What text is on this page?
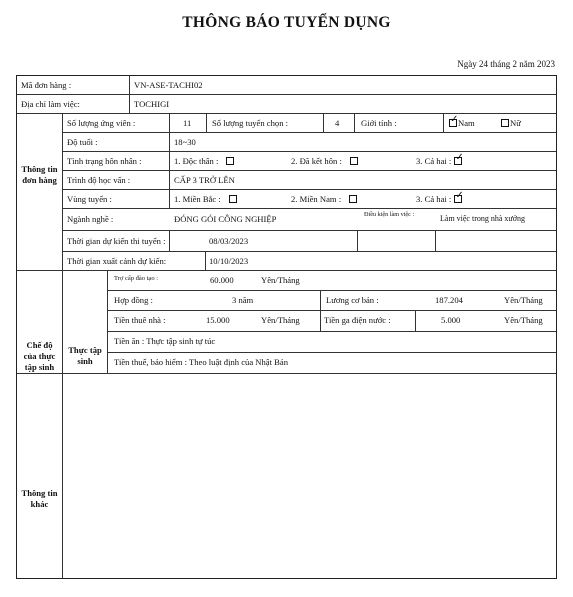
THÔNG BÁO TUYỂN DỤNG
Ngày 24 tháng 2 năm 2023
Mã đơn hàng :	VN-ASE-TACHI02
Địa chỉ làm việc:	TOCHIGI
Thông tin đơn hàng
Số lượng ứng viên :	11 Số lượng tuyển chọn :	4	Giới tính :
✓	Nam	Nữ
Độ tuổi :	18~30
Tình trạng hôn nhân :	1. Độc thân :	2. Đã kết hôn :	3. Cả hai :✓
Trình độ học vấn :	CẤP 3 TRỞ LÊN
Vùng tuyển :	1. Miền Bắc :	2. Miền Nam :	3. Cả hai :✓
Ngành nghề :	ĐÓNG GÓI CÔNG NGHIỆP	Điều kiện làm việc :	Làm việc trong nhà xưởng
Thời gian dự kiến thi tuyển :	08/03/2023
Thời gian xuất cảnh dự kiến:	10/10/2023
Chế độ của thực tập sinh
Thực tập sinh
Trợ cấp đào tạo :	60.000	Yên/Tháng
Hợp đồng :	3 năm	Lương cơ bản :	187.204	Yên/Tháng
Tiền thuê nhà :	15.000	Yên/Tháng	Tiền ga điện nước :	5.000	Yên/Tháng
Tiền ăn : Thực tập sinh tự túc
Tiền thuế, bảo hiểm : Theo luật định của Nhật Bản
Thông tin khác
